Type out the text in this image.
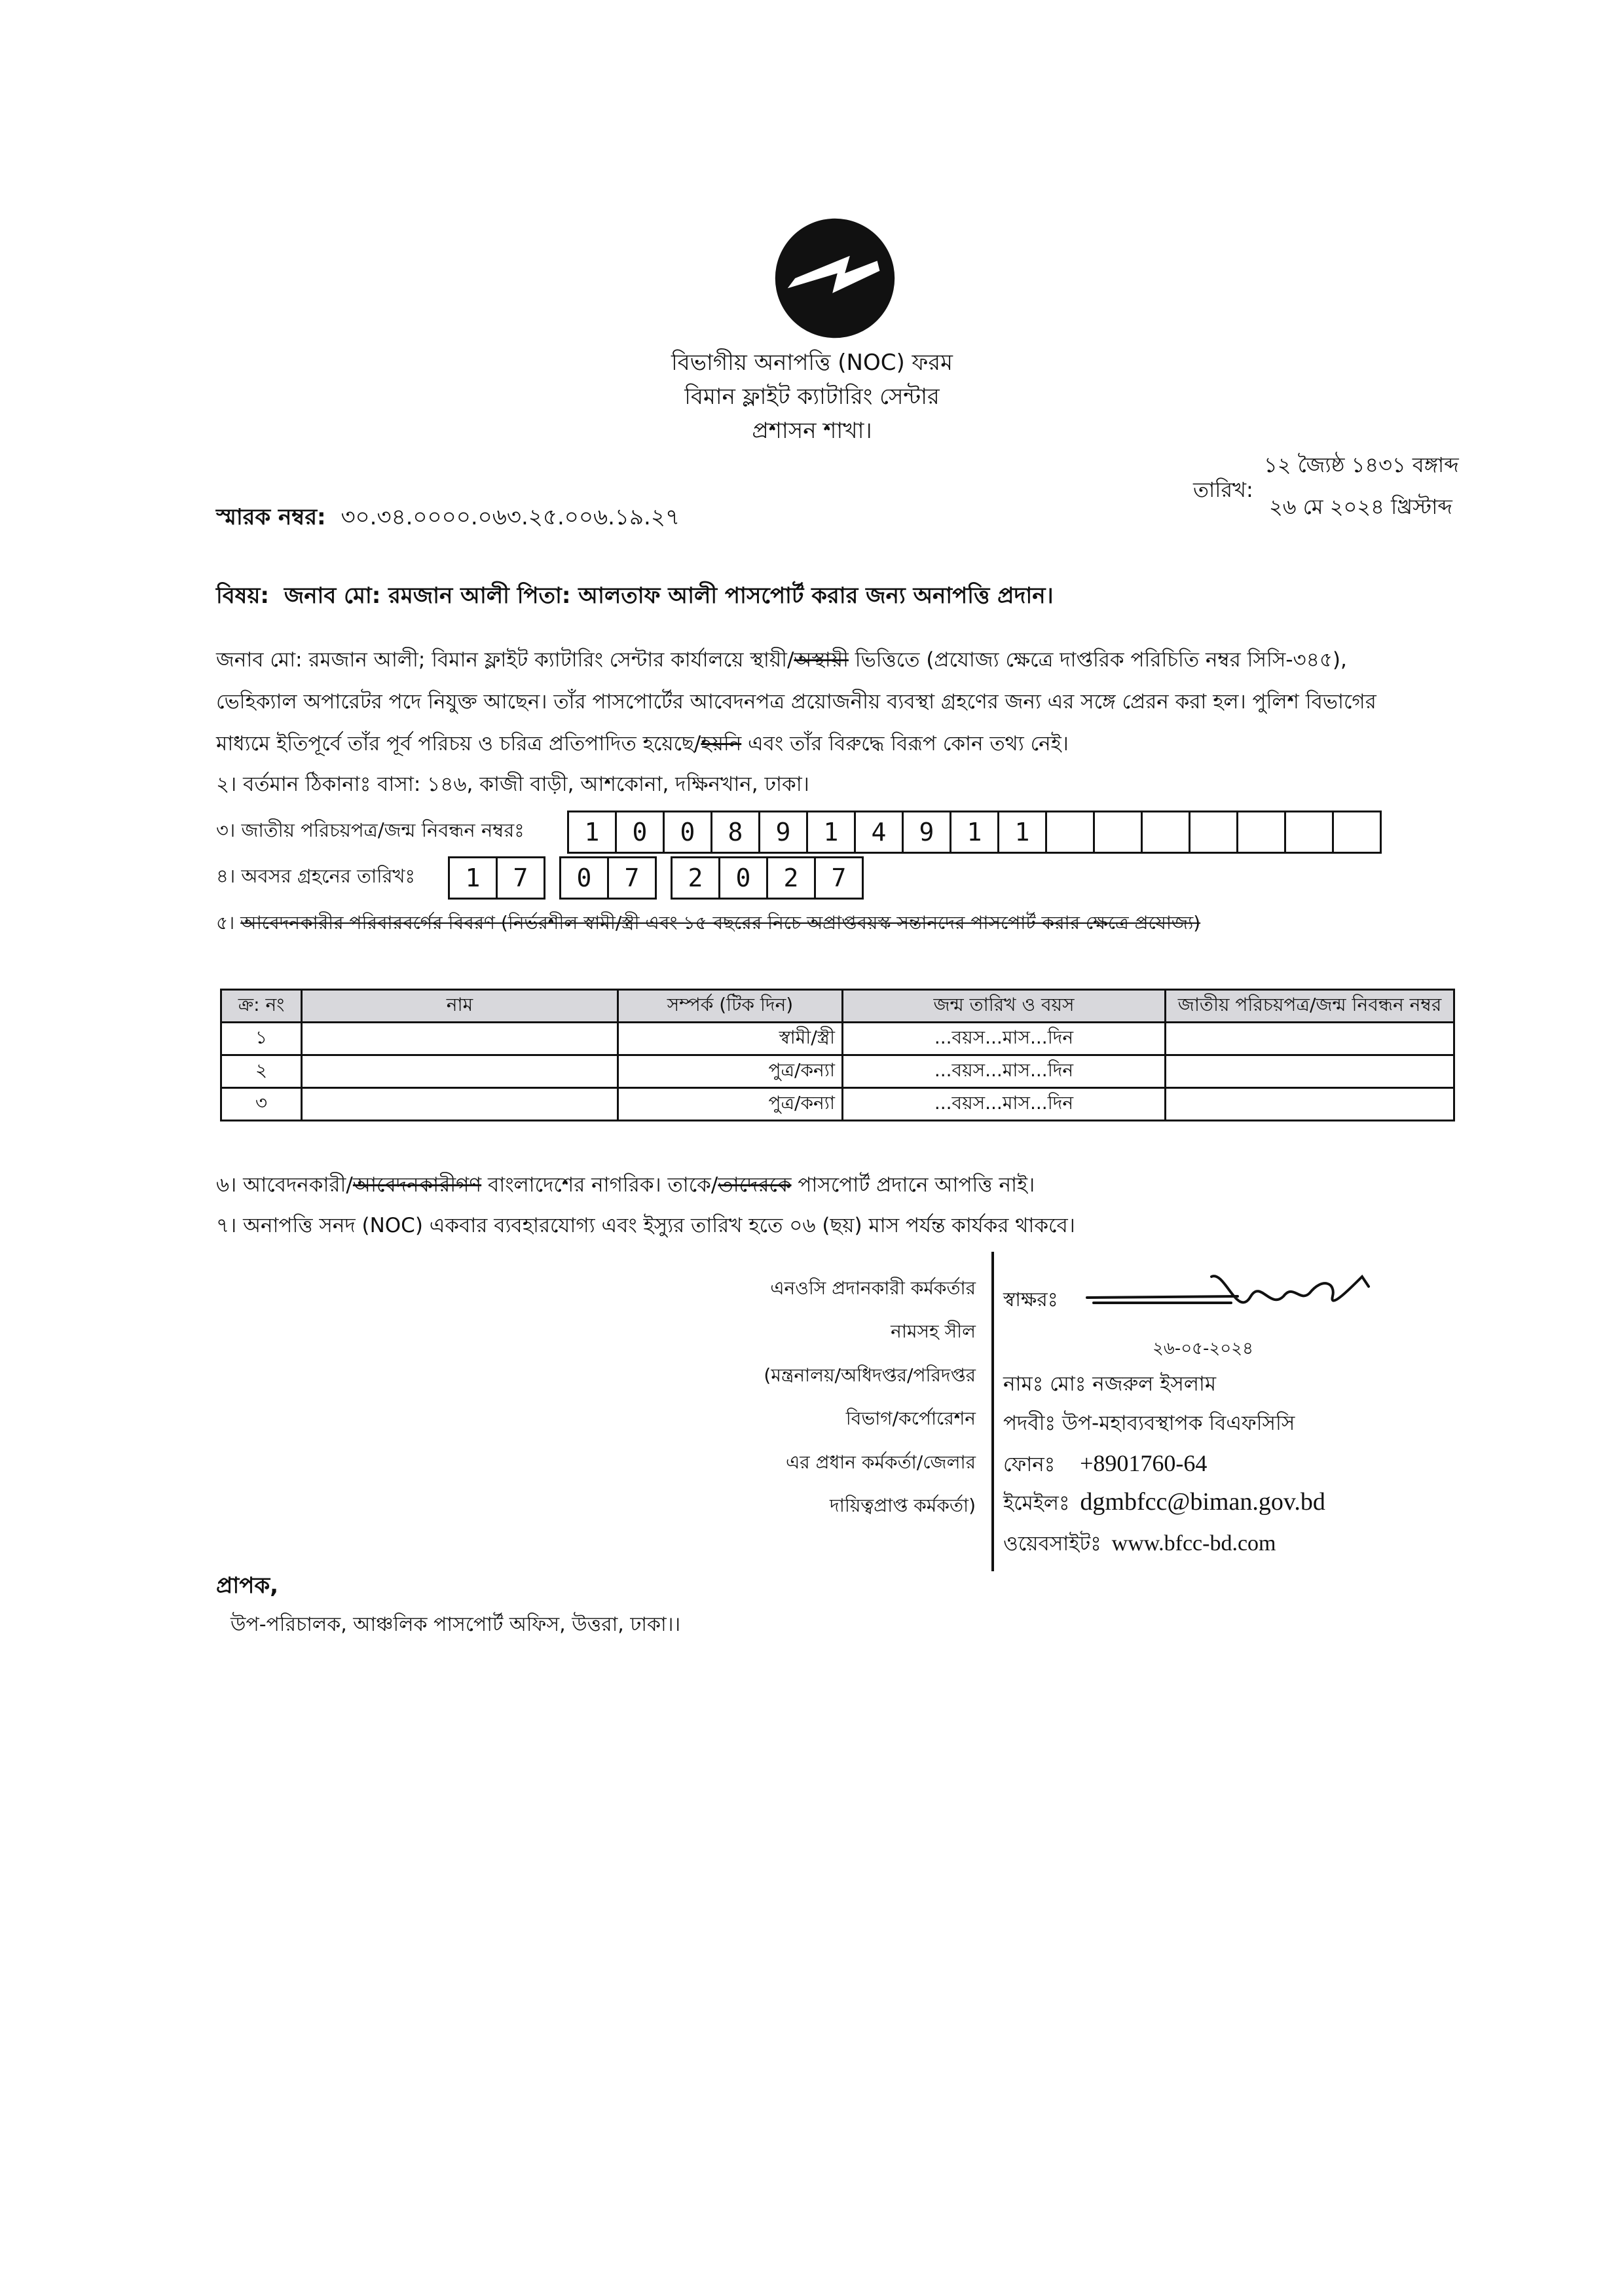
বিভাগীয় অনাপত্তি (NOC) ফরম
বিমান ফ্লাইট ক্যাটারিং সেন্টার
প্রশাসন শাখা।
১২ জ্যৈষ্ঠ ১৪৩১ বঙ্গাব্দ
তারিখ:
২৬ মে ২০২৪ খ্রিস্টাব্দ
স্মারক নম্বর: ৩০.৩৪.০০০০.০৬৩.২৫.০০৬.১৯.২৭
বিষয়: জনাব মো: রমজান আলী পিতা: আলতাফ আলী পাসপোর্ট করার জন্য অনাপত্তি প্রদান।
জনাব মো: রমজান আলী; বিমান ফ্লাইট ক্যাটারিং সেন্টার কার্যালয়ে স্থায়ী/অস্থায়ী ভিত্তিতে (প্রযোজ্য ক্ষেত্রে দাপ্তরিক পরিচিতি নম্বর সিসি-৩৪৫),
ভেহিক্যাল অপারেটর পদে নিযুক্ত আছেন। তাঁর পাসপোর্টের আবেদনপত্র প্রয়োজনীয় ব্যবস্থা গ্রহণের জন্য এর সঙ্গে প্রেরন করা হল। পুলিশ বিভাগের
মাধ্যমে ইতিপূর্বে তাঁর পূর্ব পরিচয় ও চরিত্র প্রতিপাদিত হয়েছে/হয়নি এবং তাঁর বিরুদ্ধে বিরূপ কোন তথ্য নেই।
২। বর্তমান ঠিকানাঃ বাসা: ১৪৬, কাজী বাড়ী, আশকোনা, দক্ষিনখান, ঢাকা।
৩। জাতীয় পরিচয়পত্র/জন্ম নিবন্ধন নম্বরঃ	1	0	0	8	9	1	4	9	1	1
৪। অবসর গ্রহনের তারিখঃ	1	7	0	7	2	0	2	7
৫। আবেদনকারীর পরিবারবর্গের বিবরণ (নির্ভরশীল স্বামী/স্ত্রী এবং ১৫ বছরের নিচে অপ্রাপ্তবয়স্ক সন্তানদের পাসপোর্ট করার ক্ষেত্রে প্রযোজ্য)
ক্র: নং	নাম	সম্পর্ক (টিক দিন)	জন্ম তারিখ ও বয়স	জাতীয় পরিচয়পত্র/জন্ম নিবন্ধন নম্বর
১		স্বামী/স্ত্রী	...বয়স...মাস...দিন	
২		পুত্র/কন্যা	...বয়স...মাস...দিন	
৩		পুত্র/কন্যা	...বয়স...মাস...দিন	
৬। আবেদনকারী/আবেদনকারীগণ বাংলাদেশের নাগরিক। তাকে/তাদেরকে পাসপোর্ট প্রদানে আপত্তি নাই।
৭। অনাপত্তি সনদ (NOC) একবার ব্যবহারযোগ্য এবং ইস্যুর তারিখ হতে ০৬ (ছয়) মাস পর্যন্ত কার্যকর থাকবে।
এনওসি প্রদানকারী কর্মকর্তার
নামসহ সীল
(মন্ত্রনালয়/অধিদপ্তর/পরিদপ্তর
বিভাগ/কর্পোরেশন
এর প্রধান কর্মকর্তা/জেলার
দায়িত্বপ্রাপ্ত কর্মকর্তা)
স্বাক্ষরঃ
২৬-০৫-২০২৪
নামঃ মোঃ নজরুল ইসলাম
পদবীঃ উপ-মহাব্যবস্থাপক বিএফসিসি
ফোনঃ +8901760-64
ইমেইলঃ dgmbfcc@biman.gov.bd
ওয়েবসাইটঃ www.bfcc-bd.com
প্রাপক,
উপ-পরিচালক, আঞ্চলিক পাসপোর্ট অফিস, উত্তরা, ঢাকা।।
